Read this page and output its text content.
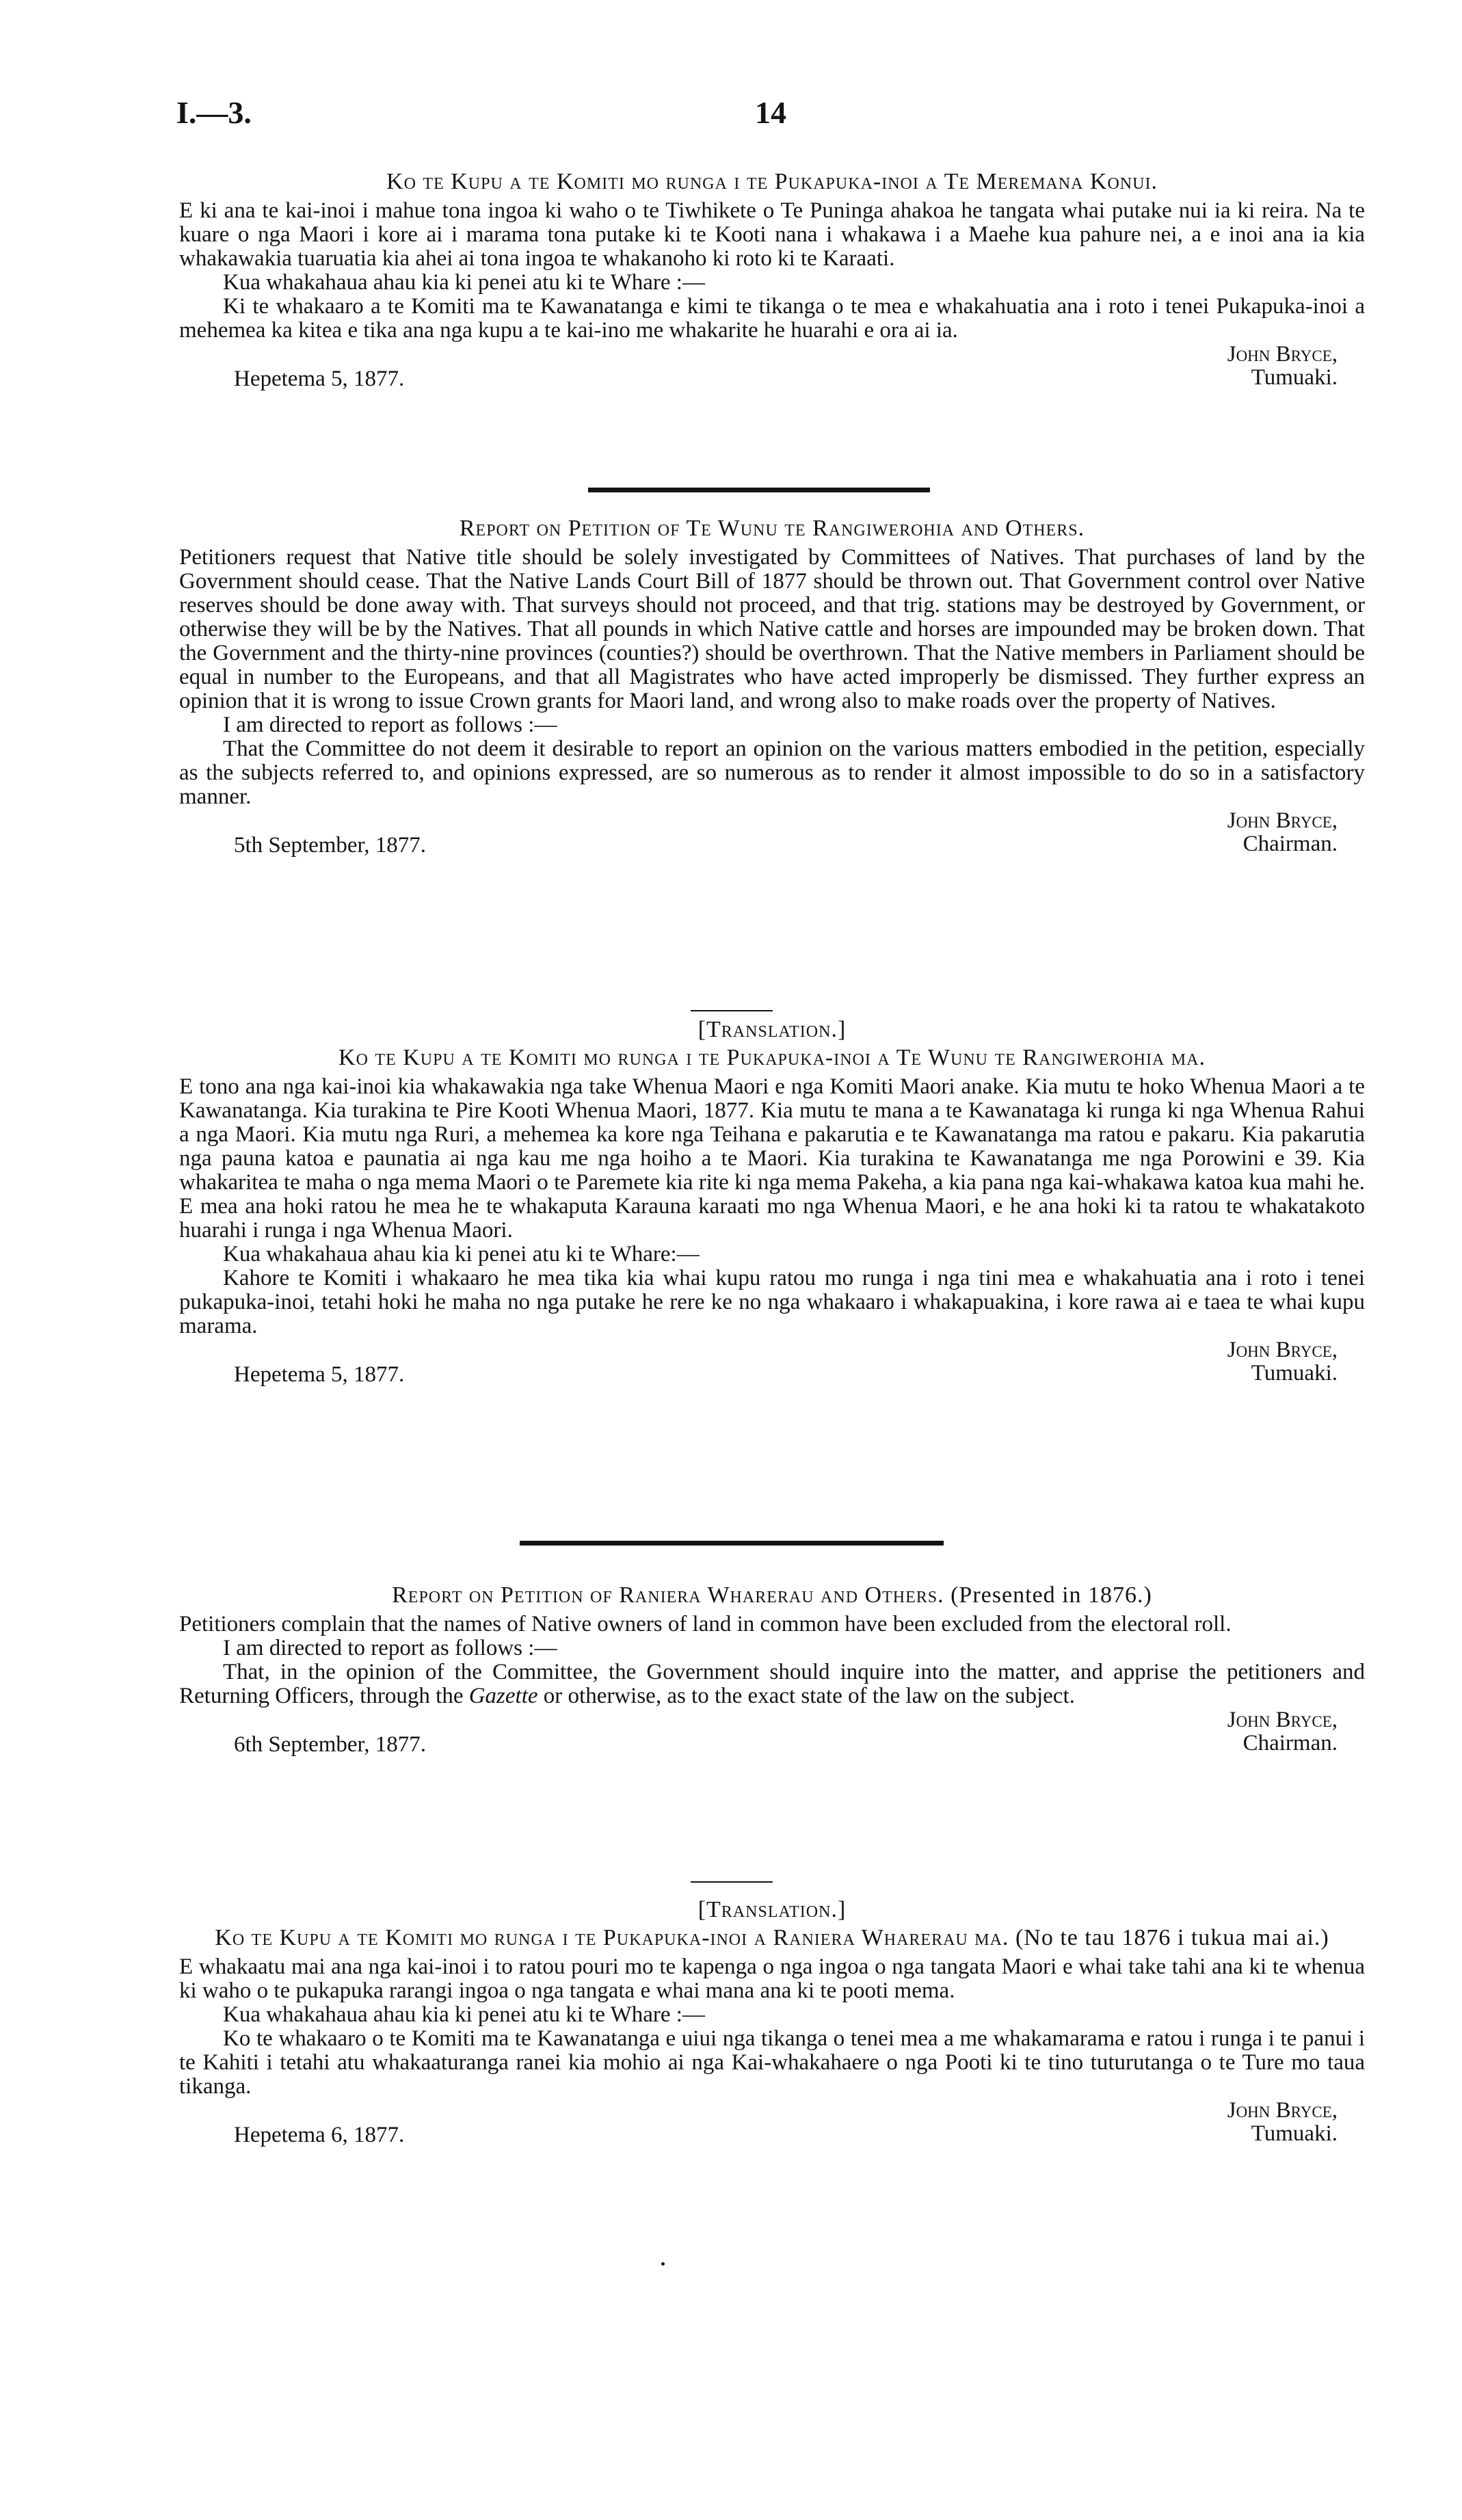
I.—3.	14
Ko te Kupu a te Komiti mo runga i te Pukapuka-inoi a Te Meremana Konui.

E ki ana te kai-inoi i mahue tona ingoa ki waho o te Tiwhikete o Te Puninga ahakoa he tangata whai putake nui ia ki reira. Na te kuare o nga Maori i kore ai i marama tona putake ki te Kooti nana i whakawa i a Maehe kua pahure nei, a e inoi ana ia kia whakawakia tuaruatia kia ahei ai tona ingoa te whakanoho ki roto ki te Karaati.

Kua whakahaua ahau kia ki penei atu ki te Whare :—

Ki te whakaaro a te Komiti ma te Kawanatanga e kimi te tikanga o te mea e whakahuatia ana i roto i tenei Pukapuka-inoi a mehemea ka kitea e tika ana nga kupu a te kai-ino me whakarite he huarahi e ora ai ia.

John Bryce,
Tumuaki.
Hepetema 5, 1877.
Report on Petition of Te Wunu te Rangiwerohia and Others.

Petitioners request that Native title should be solely investigated by Committees of Natives. That purchases of land by the Government should cease. That the Native Lands Court Bill of 1877 should be thrown out. That Government control over Native reserves should be done away with. That surveys should not proceed, and that trig. stations may be destroyed by Government, or otherwise they will be by the Natives. That all pounds in which Native cattle and horses are impounded may be broken down. That the Government and the thirty-nine provinces (counties?) should be overthrown. That the Native members in Parliament should be equal in number to the Europeans, and that all Magistrates who have acted improperly be dismissed. They further express an opinion that it is wrong to issue Crown grants for Maori land, and wrong also to make roads over the property of Natives.

I am directed to report as follows :—

That the Committee do not deem it desirable to report an opinion on the various matters embodied in the petition, especially as the subjects referred to, and opinions expressed, are so numerous as to render it almost impossible to do so in a satisfactory manner.

John Bryce,
Chairman.
5th September, 1877.
[Translation.]
Ko te Kupu a te Komiti mo runga i te Pukapuka-inoi a Te Wunu te Rangiwerohia ma.

E tono ana nga kai-inoi kia whakawakia nga take Whenua Maori e nga Komiti Maori anake. Kia mutu te hoko Whenua Maori a te Kawanatanga. Kia turakina te Pire Kooti Whenua Maori, 1877. Kia mutu te mana a te Kawanataga ki runga ki nga Whenua Rahui a nga Maori. Kia mutu nga Ruri, a mehemea ka kore nga Teihana e pakarutia e te Kawanatanga ma ratou e pakaru. Kia pakarutia nga pauna katoa e paunatia ai nga kau me nga hoiho a te Maori. Kia turakina te Kawanatanga me nga Porowini e 39. Kia whakaritea te maha o nga mema Maori o te Paremete kia rite ki nga mema Pakeha, a kia pana nga kai-whakawa katoa kua mahi he. E mea ana hoki ratou he mea he te whakaputa Karauna karaati mo nga Whenua Maori, e he ana hoki ki ta ratou te whakatakoto huarahi i runga i nga Whenua Maori.

Kua whakahaua ahau kia ki penei atu ki te Whare:—

Kahore te Komiti i whakaaro he mea tika kia whai kupu ratou mo runga i nga tini mea e whakahuatia ana i roto i tenei pukapuka-inoi, tetahi hoki he maha no nga putake he rere ke no nga whakaaro i whakapuakina, i kore rawa ai e taea te whai kupu marama.

John Bryce,
Tumuaki.
Hepetema 5, 1877.
Report on Petition of Raniera Wharerau and Others. (Presented in 1876.)

Petitioners complain that the names of Native owners of land in common have been excluded from the electoral roll.

I am directed to report as follows :—

That, in the opinion of the Committee, the Government should inquire into the matter, and apprise the petitioners and Returning Officers, through the Gazette or otherwise, as to the exact state of the law on the subject.

John Bryce,
Chairman.
6th September, 1877.
[Translation.]
Ko te Kupu a te Komiti mo runga i te Pukapuka-inoi a Raniera Wharerau ma. (No te tau 1876 i tukua mai ai.)

E whakaatu mai ana nga kai-inoi i to ratou pouri mo te kapenga o nga ingoa o nga tangata Maori e whai take tahi ana ki te whenua ki waho o te pukapuka rarangi ingoa o nga tangata e whai mana ana ki te pooti mema.

Kua whakahaua ahau kia ki penei atu ki te Whare :—

Ko te whakaaro o te Komiti ma te Kawanatanga e uiui nga tikanga o tenei mea a me whakamarama e ratou i runga i te panui i te Kahiti i tetahi atu whakaaturanga ranei kia mohio ai nga Kai-whakahaere o nga Pooti ki te tino tuturutanga o te Ture mo taua tikanga.

John Bryce,
Tumuaki.
Hepetema 6, 1877.
